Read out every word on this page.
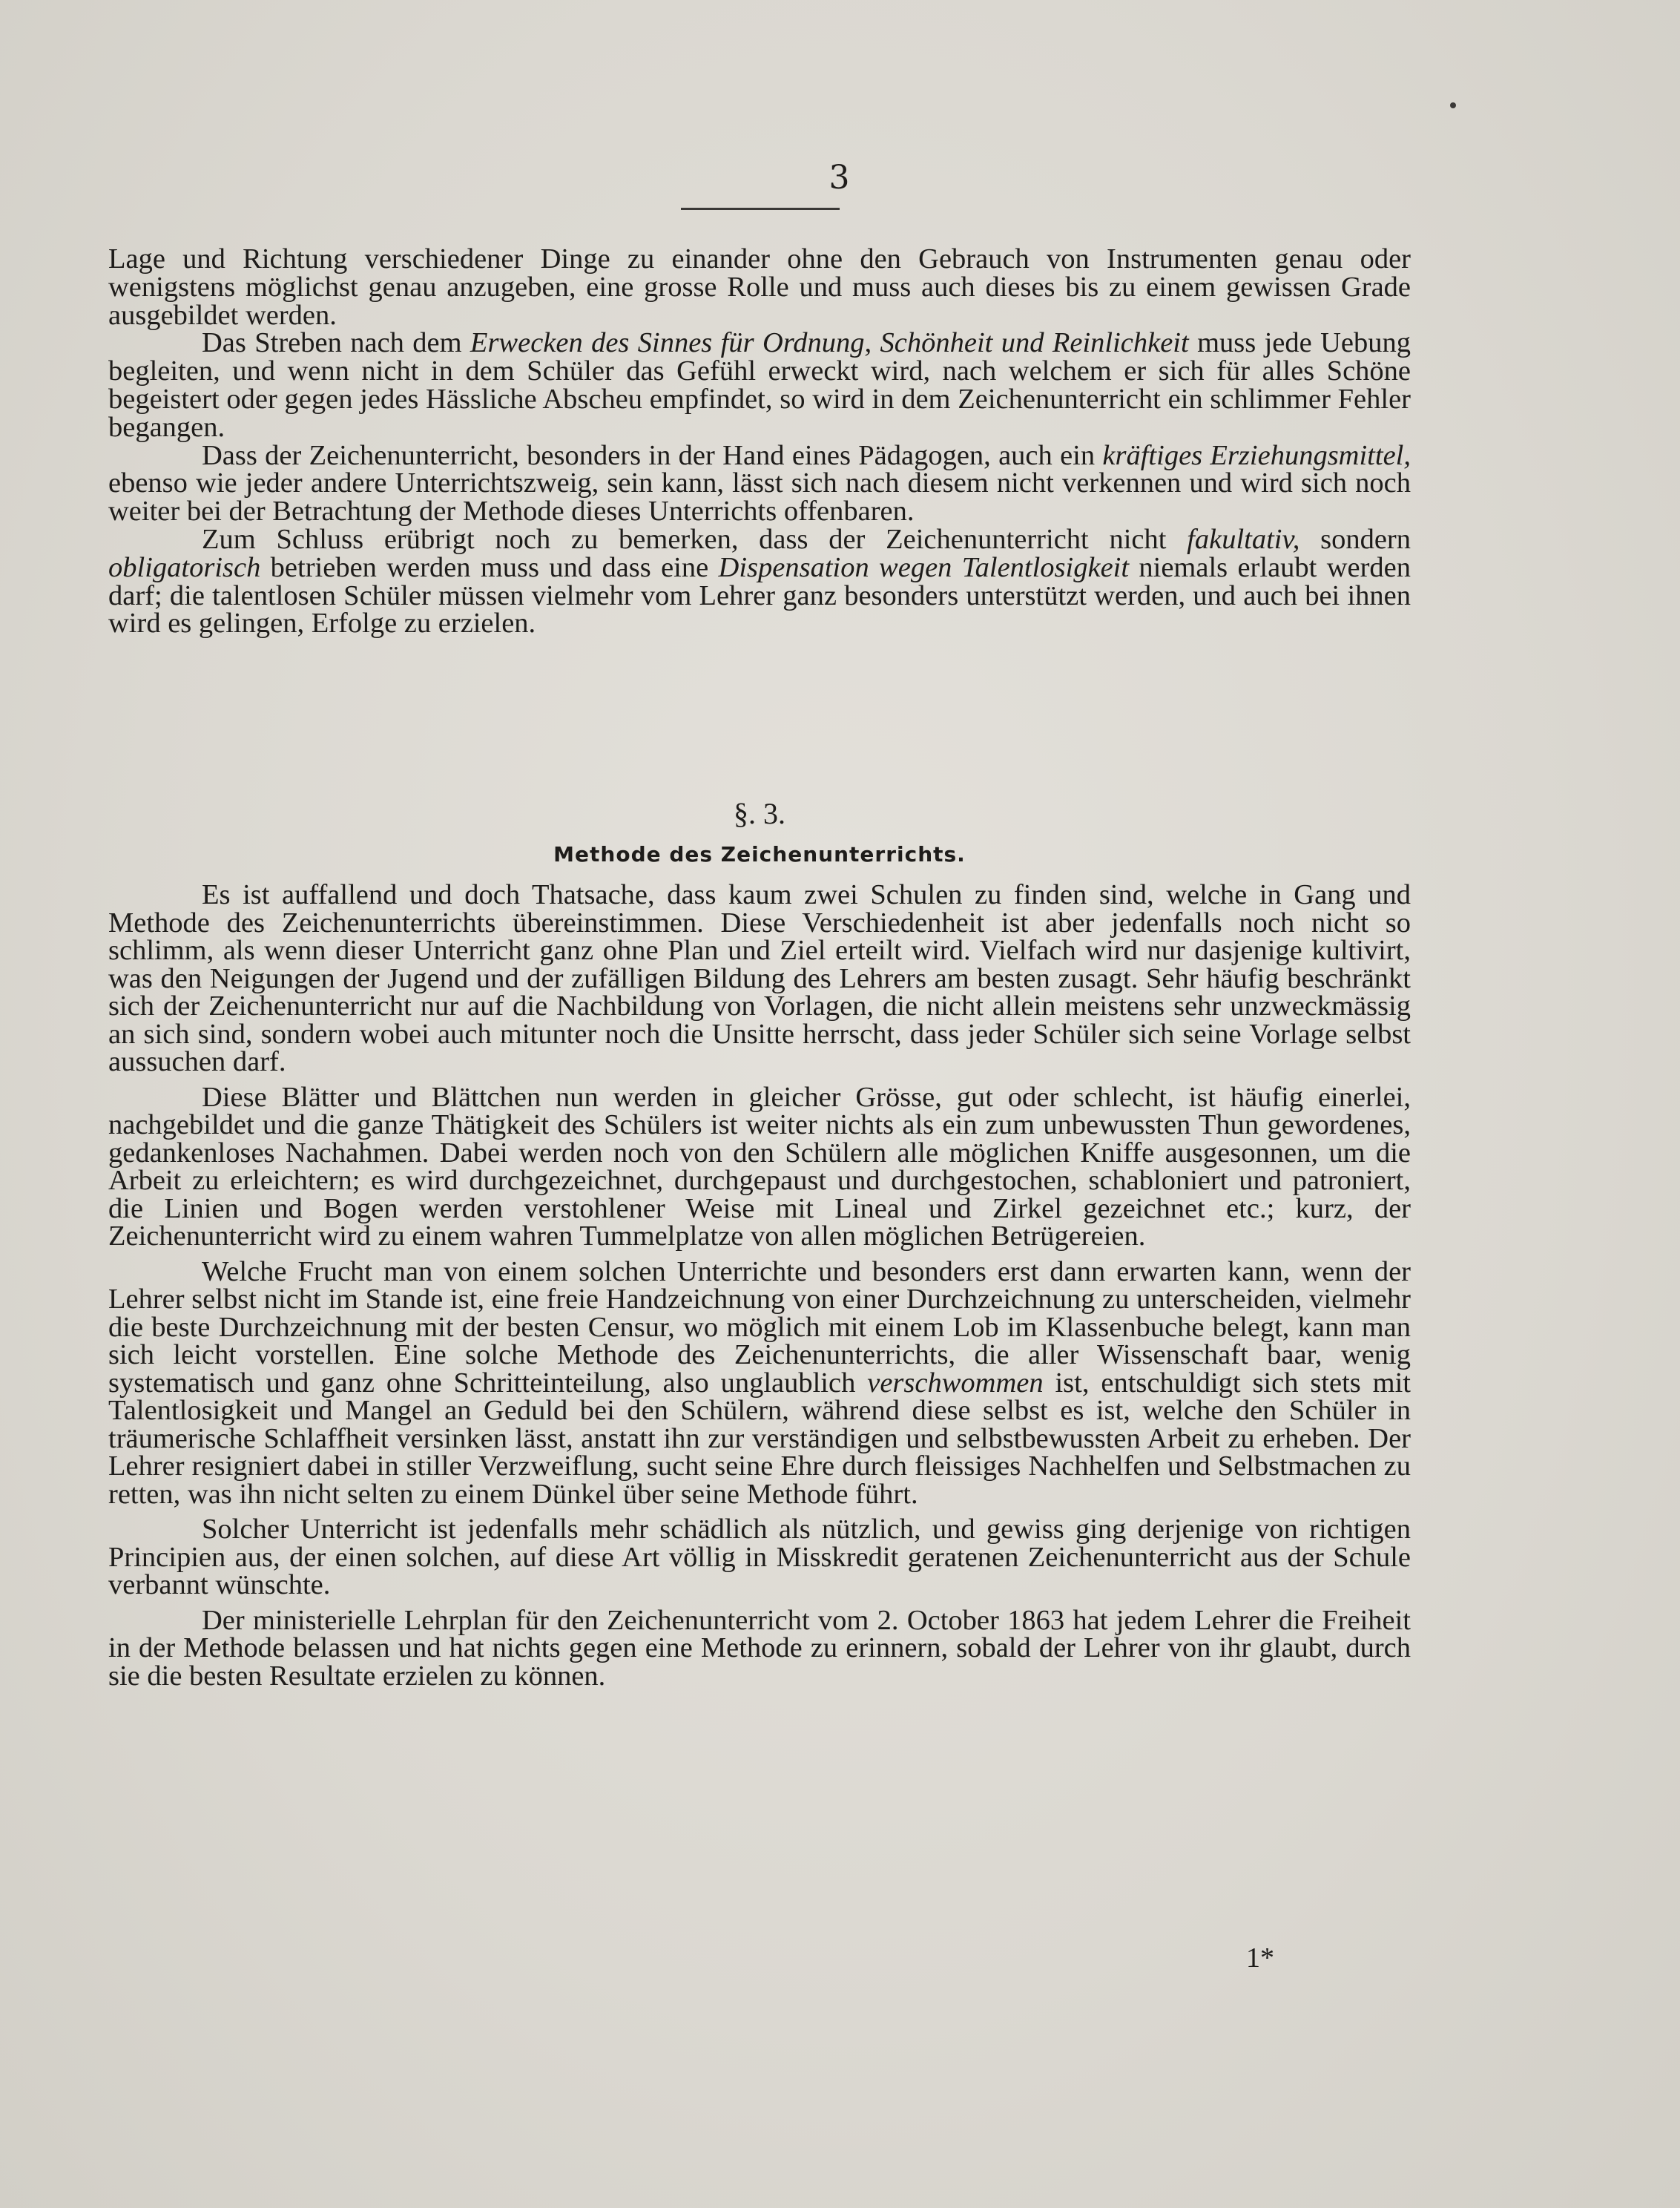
3

Lage und Richtung verschiedener Dinge zu einander ohne den Gebrauch von Instrumenten genau oder wenigstens möglichst genau anzugeben, eine grosse Rolle und muss auch dieses bis zu einem gewissen Grade ausgebildet werden.

Das Streben nach dem Erwecken des Sinnes für Ordnung, Schönheit und Reinlichkeit muss jede Uebung begleiten, und wenn nicht in dem Schüler das Gefühl erweckt wird, nach welchem er sich für alles Schöne begeistert oder gegen jedes Hässliche Abscheu empfindet, so wird in dem Zeichenunterricht ein schlimmer Fehler begangen.

Dass der Zeichenunterricht, besonders in der Hand eines Pädagogen, auch ein kräftiges Erziehungsmittel, ebenso wie jeder andere Unterrichtszweig, sein kann, lässt sich nach diesem nicht verkennen und wird sich noch weiter bei der Betrachtung der Methode dieses Unterrichts offenbaren.

Zum Schluss erübrigt noch zu bemerken, dass der Zeichenunterricht nicht fakultativ, sondern obligatorisch betrieben werden muss und dass eine Dispensation wegen Talentlosigkeit niemals erlaubt werden darf; die talentlosen Schüler müssen vielmehr vom Lehrer ganz besonders unterstützt werden, und auch bei ihnen wird es gelingen, Erfolge zu erzielen.

§. 3.
Methode des Zeichenunterrichts.

Es ist auffallend und doch Thatsache, dass kaum zwei Schulen zu finden sind, welche in Gang und Methode des Zeichenunterrichts übereinstimmen. Diese Verschiedenheit ist aber jedenfalls noch nicht so schlimm, als wenn dieser Unterricht ganz ohne Plan und Ziel erteilt wird. Vielfach wird nur dasjenige kultivirt, was den Neigungen der Jugend und der zufälligen Bildung des Lehrers am besten zusagt. Sehr häufig beschränkt sich der Zeichenunterricht nur auf die Nachbildung von Vorlagen, die nicht allein meistens sehr unzweckmässig an sich sind, sondern wobei auch mitunter noch die Unsitte herrscht, dass jeder Schüler sich seine Vorlage selbst aussuchen darf.

Diese Blätter und Blättchen nun werden in gleicher Grösse, gut oder schlecht, ist häufig einerlei, nachgebildet und die ganze Thätigkeit des Schülers ist weiter nichts als ein zum unbewussten Thun gewordenes, gedankenloses Nachahmen. Dabei werden noch von den Schülern alle möglichen Kniffe ausgesonnen, um die Arbeit zu erleichtern; es wird durchgezeichnet, durchgepaust und durchgestochen, schabloniert und patroniert, die Linien und Bogen werden verstohlener Weise mit Lineal und Zirkel gezeichnet etc.; kurz, der Zeichenunterricht wird zu einem wahren Tummelplatze von allen möglichen Betrügereien.

Welche Frucht man von einem solchen Unterrichte und besonders erst dann erwarten kann, wenn der Lehrer selbst nicht im Stande ist, eine freie Handzeichnung von einer Durchzeichnung zu unterscheiden, vielmehr die beste Durchzeichnung mit der besten Censur, wo möglich mit einem Lob im Klassenbuche belegt, kann man sich leicht vorstellen. Eine solche Methode des Zeichenunterrichts, die aller Wissenschaft baar, wenig systematisch und ganz ohne Schritteinteilung, also unglaublich verschwommen ist, entschuldigt sich stets mit Talentlosigkeit und Mangel an Geduld bei den Schülern, während diese selbst es ist, welche den Schüler in träumerische Schlaffheit versinken lässt, anstatt ihn zur verständigen und selbstbewussten Arbeit zu erheben. Der Lehrer resigniert dabei in stiller Verzweiflung, sucht seine Ehre durch fleissiges Nachhelfen und Selbstmachen zu retten, was ihn nicht selten zu einem Dünkel über seine Methode führt.

Solcher Unterricht ist jedenfalls mehr schädlich als nützlich, und gewiss ging derjenige von richtigen Principien aus, der einen solchen, auf diese Art völlig in Misskredit geratenen Zeichenunterricht aus der Schule verbannt wünschte.

Der ministerielle Lehrplan für den Zeichenunterricht vom 2. October 1863 hat jedem Lehrer die Freiheit in der Methode belassen und hat nichts gegen eine Methode zu erinnern, sobald der Lehrer von ihr glaubt, durch sie die besten Resultate erzielen zu können.

1*
